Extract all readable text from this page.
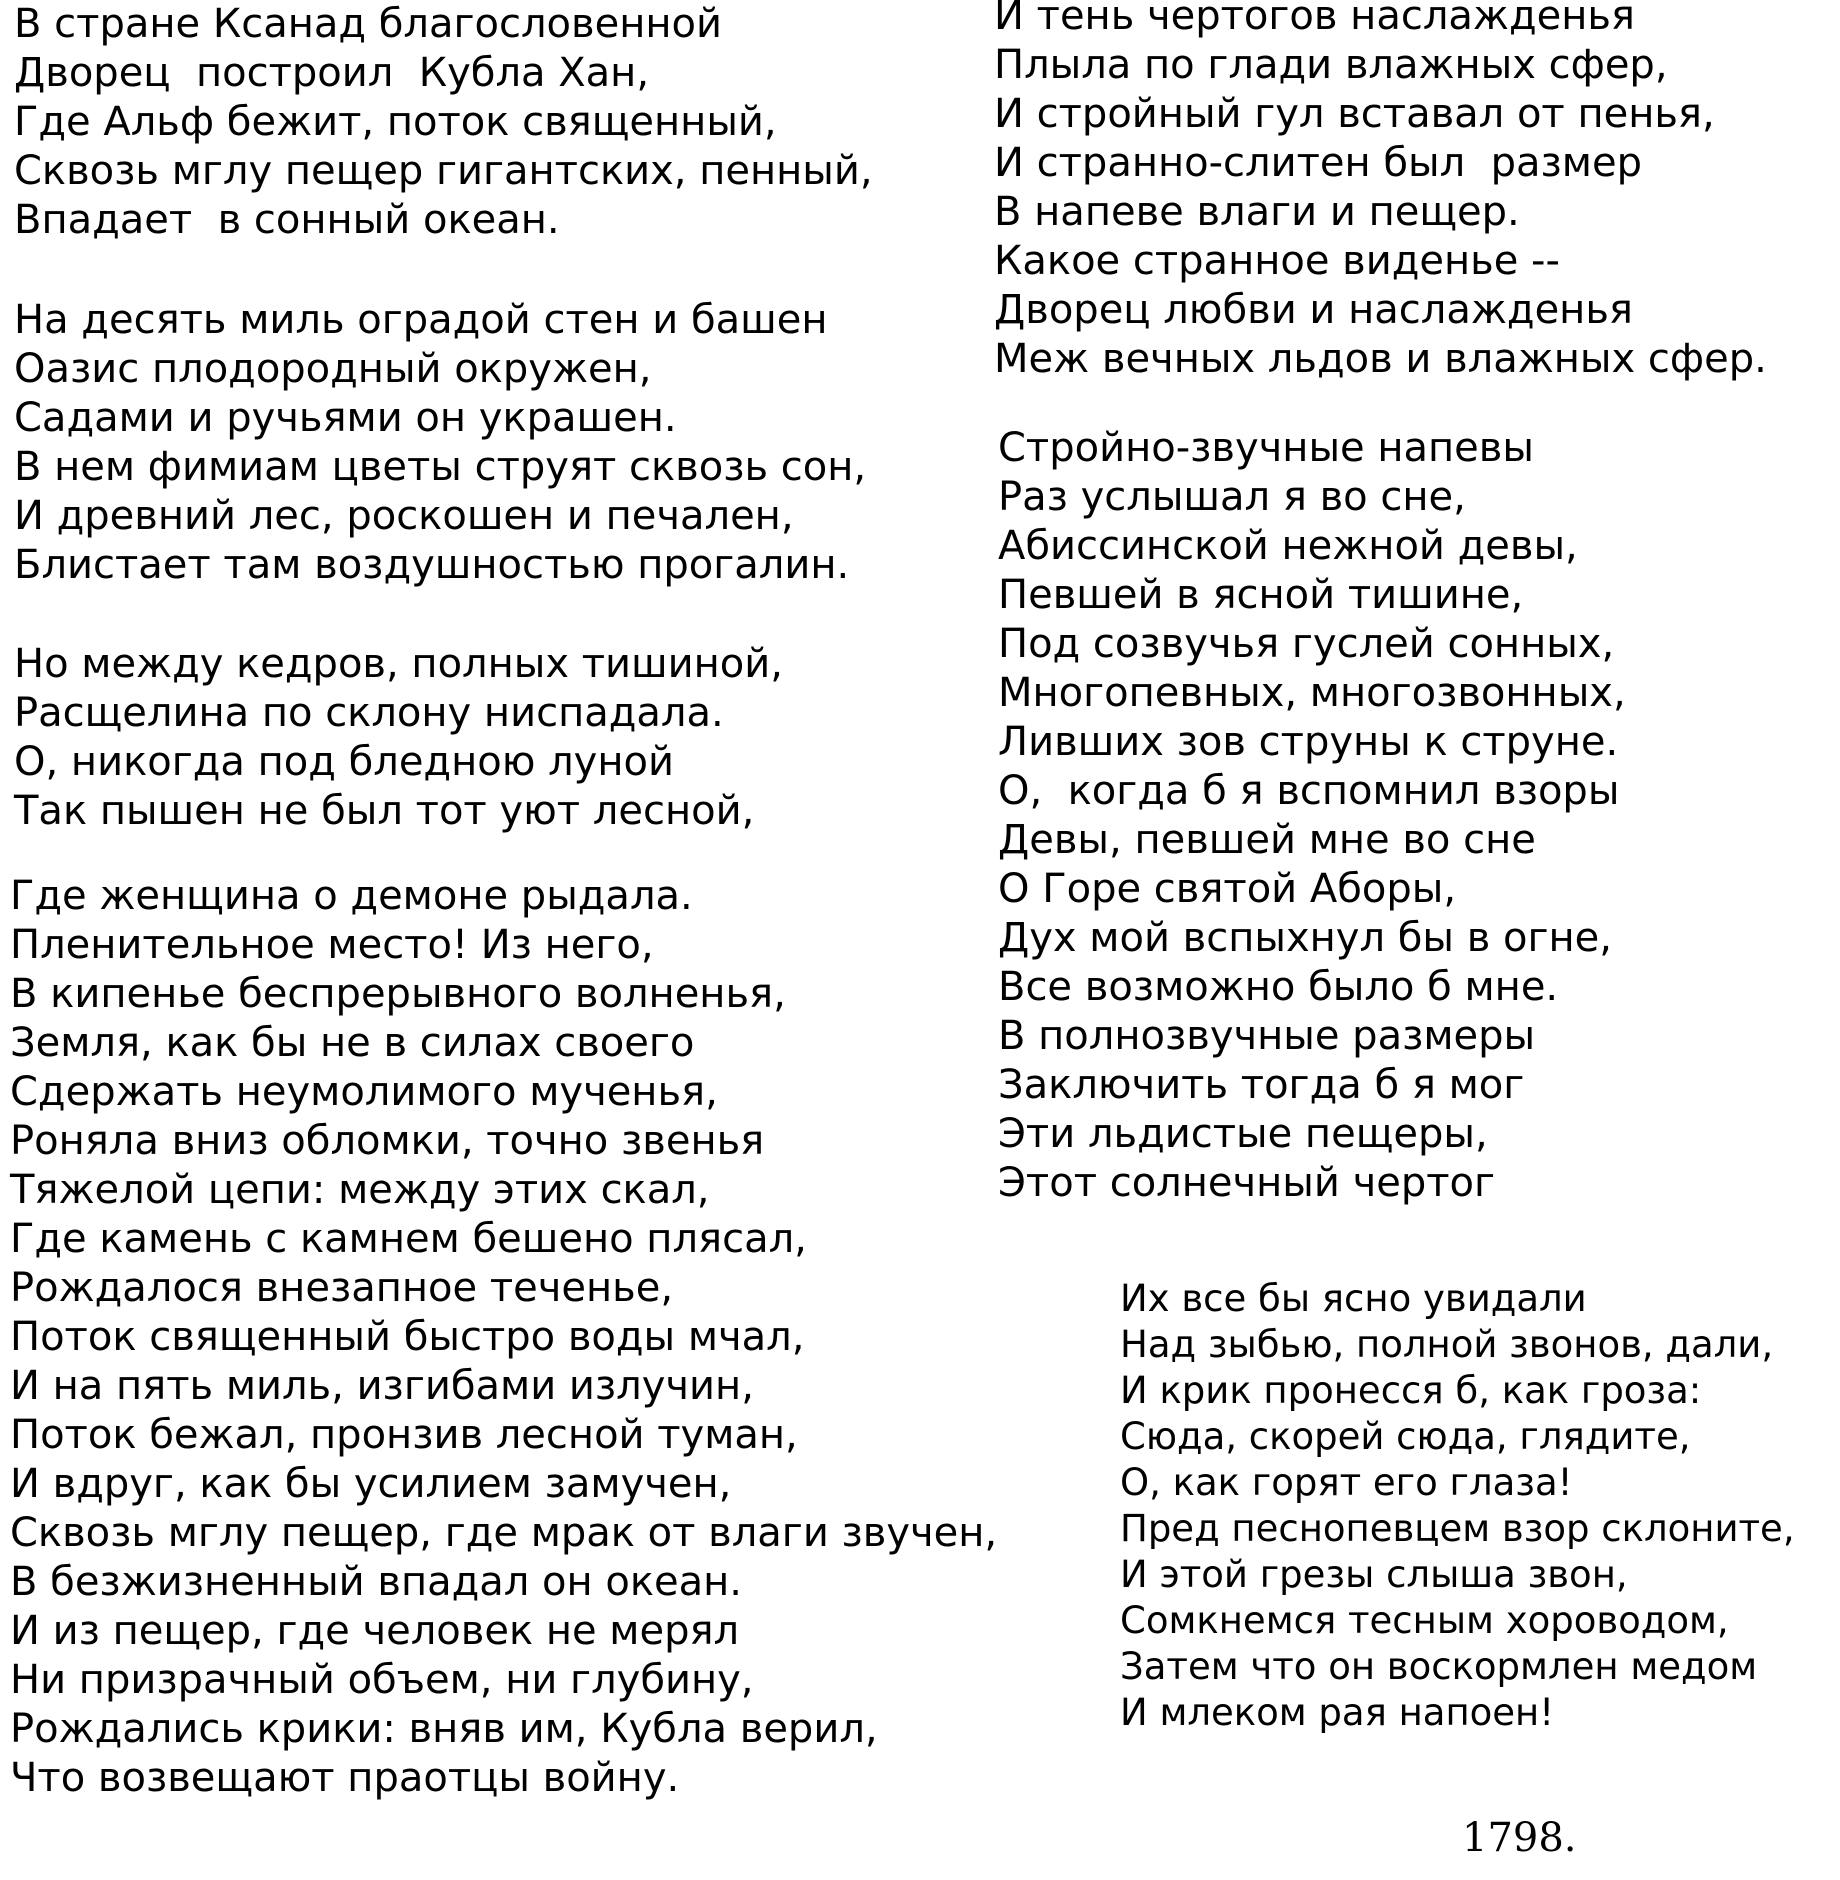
В стране Ксанад благословенной
Дворец  построил  Кубла Хан,
Где Альф бежит, поток священный,
Сквозь мглу пещер гигантских, пенный,
Впадает  в сонный океан.
На десять миль оградой стен и башен
Оазис плодородный окружен,
Садами и ручьями он украшен.
В нем фимиам цветы струят сквозь сон,
И древний лес, роскошен и печален,
Блистает там воздушностью прогалин.
Но между кедров, полных тишиной,
Расщелина по склону ниспадала.
О, никогда под бледною луной
Так пышен не был тот уют лесной,
Где женщина о демоне рыдала.
Пленительное место! Из него,
В кипенье беспрерывного волненья,
Земля, как бы не в силах своего
Сдержать неумолимого мученья,
Роняла вниз обломки, точно звенья
Тяжелой цепи: между этих скал,
Где камень с камнем бешено плясал,
Рождалося внезапное теченье,
Поток священный быстро воды мчал,
И на пять миль, изгибами излучин,
Поток бежал, пронзив лесной туман,
И вдруг, как бы усилием замучен,
Сквозь мглу пещер, где мрак от влаги звучен,
В безжизненный впадал он океан.
И из пещер, где человек не мерял
Ни призрачный объем, ни глубину,
Рождались крики: вняв им, Кубла верил,
Что возвещают праотцы войну.
И тень чертогов наслажденья
Плыла по глади влажных сфер,
И стройный гул вставал от пенья,
И странно-слитен был  размер
В напеве влаги и пещер.
Какое странное виденье --
Дворец любви и наслажденья
Меж вечных льдов и влажных сфер.
Стройно-звучные напевы
Раз услышал я во сне,
Абиссинской нежной девы,
Певшей в ясной тишине,
Под созвучья гуслей сонных,
Многопевных, многозвонных,
Ливших зов струны к струне.
О,  когда б я вспомнил взоры
Девы, певшей мне во сне
О Горе святой Аборы,
Дух мой вспыхнул бы в огне,
Все возможно было б мне.
В полнозвучные размеры
Заключить тогда б я мог
Эти льдистые пещеры,
Этот солнечный чертог
Их все бы ясно увидали
Над зыбью, полной звонов, дали,
И крик пронесся б, как гроза:
Сюда, скорей сюда, глядите,
О, как горят его глаза!
Пред песнопевцем взор склоните,
И этой грезы слыша звон,
Сомкнемся тесным хороводом,
Затем что он воскормлен медом
И млеком рая напоен!
1798.
